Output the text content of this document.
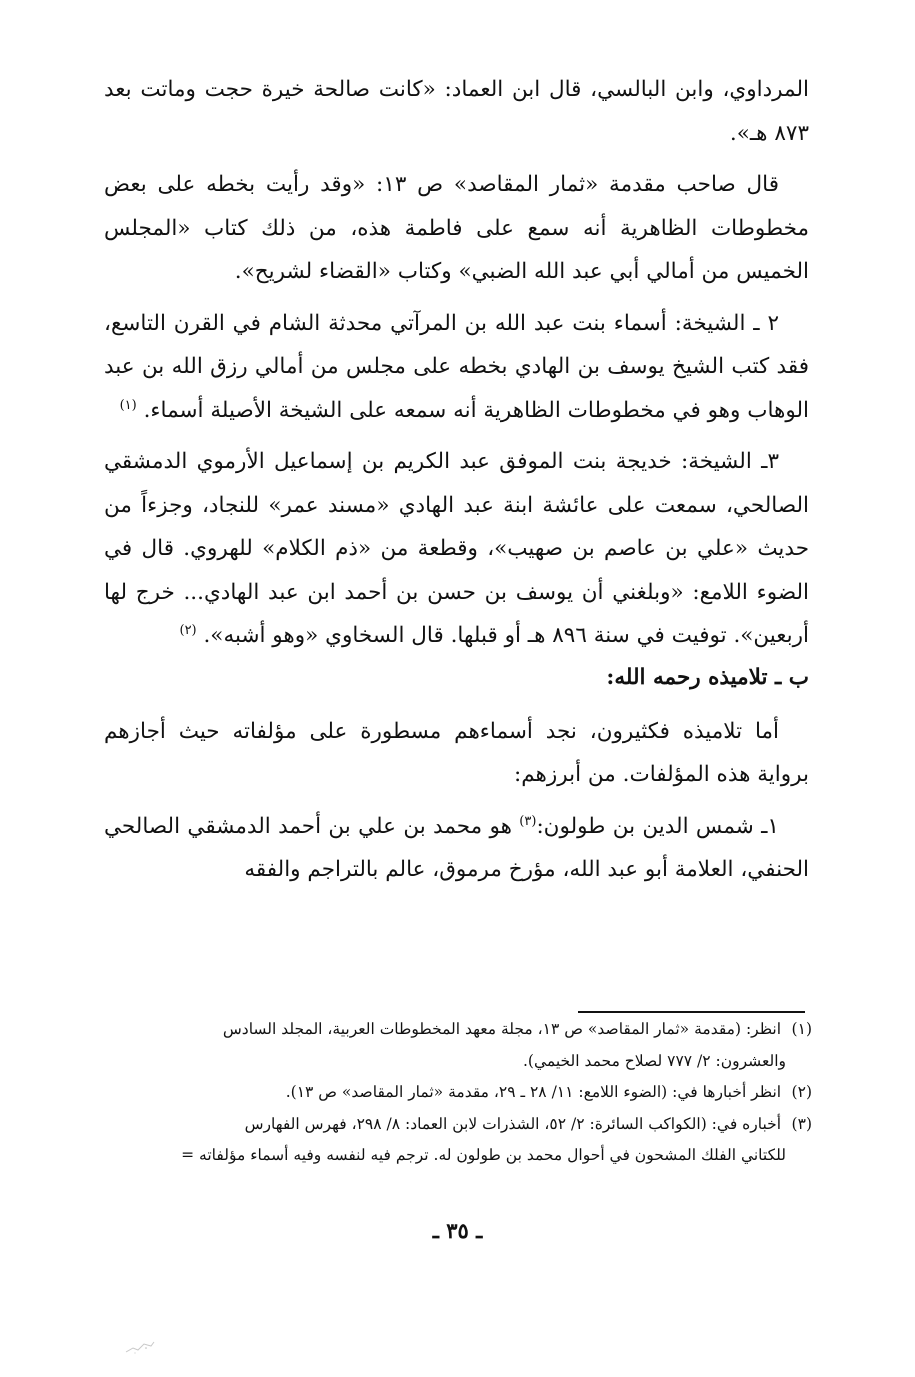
المرداوي، وابن البالسي، قال ابن العماد: «كانت صالحة خيرة حجت وماتت بعد ٨٧٣ هـ».

قال صاحب مقدمة «ثمار المقاصد» ص ١٣: «وقد رأيت بخطه على بعض مخطوطات الظاهرية أنه سمع على فاطمة هذه، من ذلك كتاب «المجلس الخميس من أمالي أبي عبد الله الضبي» وكتاب «القضاء لشريح».

٢ ـ الشيخة: أسماء بنت عبد الله بن المرآتي محدثة الشام في القرن التاسع، فقد كتب الشيخ يوسف بن الهادي بخطه على مجلس من أمالي رزق الله بن عبد الوهاب وهو في مخطوطات الظاهرية أنه سمعه على الشيخة الأصيلة أسماء. $^{(١)}$

٣ـ الشيخة: خديجة بنت الموفق عبد الكريم بن إسماعيل الأرموي الدمشقي الصالحي، سمعت على عائشة ابنة عبد الهادي «مسند عمر» للنجاد، وجزءاً من حديث «علي بن عاصم بن صهيب»، وقطعة من «ذم الكلام» للهروي. قال في الضوء اللامع: «وبلغني أن يوسف بن حسن بن أحمد ابن عبد الهادي... خرج لها أربعين». توفيت في سنة ٨٩٦ هـ أو قبلها. قال السخاوي «وهو أشبه». $^{(٢)}$

ب ـ تلاميذه رحمه الله:

أما تلاميذه فكثيرون، نجد أسماءهم مسطورة على مؤلفاته حيث أجازهم برواية هذه المؤلفات. من أبرزهم:

١ـ شمس الدين بن طولون:$^{(٣)}$ هو محمد بن علي بن أحمد الدمشقي الصالحي الحنفي، العلامة أبو عبد الله، مؤرخ مرموق، عالم بالتراجم والفقه

(١) انظر: (مقدمة «ثمار المقاصد» ص ١٣، مجلة معهد المخطوطات العربية، المجلد السادس

والعشرون: ٢/ ٧٧٧ لصلاح محمد الخيمي).

(٢) انظر أخبارها في: (الضوء اللامع: ١١/ ٢٨ ـ ٢٩، مقدمة «ثمار المقاصد» ص ١٣).

(٣) أخباره في: (الكواكب السائرة: ٢/ ٥٢، الشذرات لابن العماد: ٨/ ٢٩٨، فهرس الفهارس

للكتاني الفلك المشحون في أحوال محمد بن طولون له. ترجم فيه لنفسه وفيه أسماء مؤلفاته =

ـ ٣٥ ـ
